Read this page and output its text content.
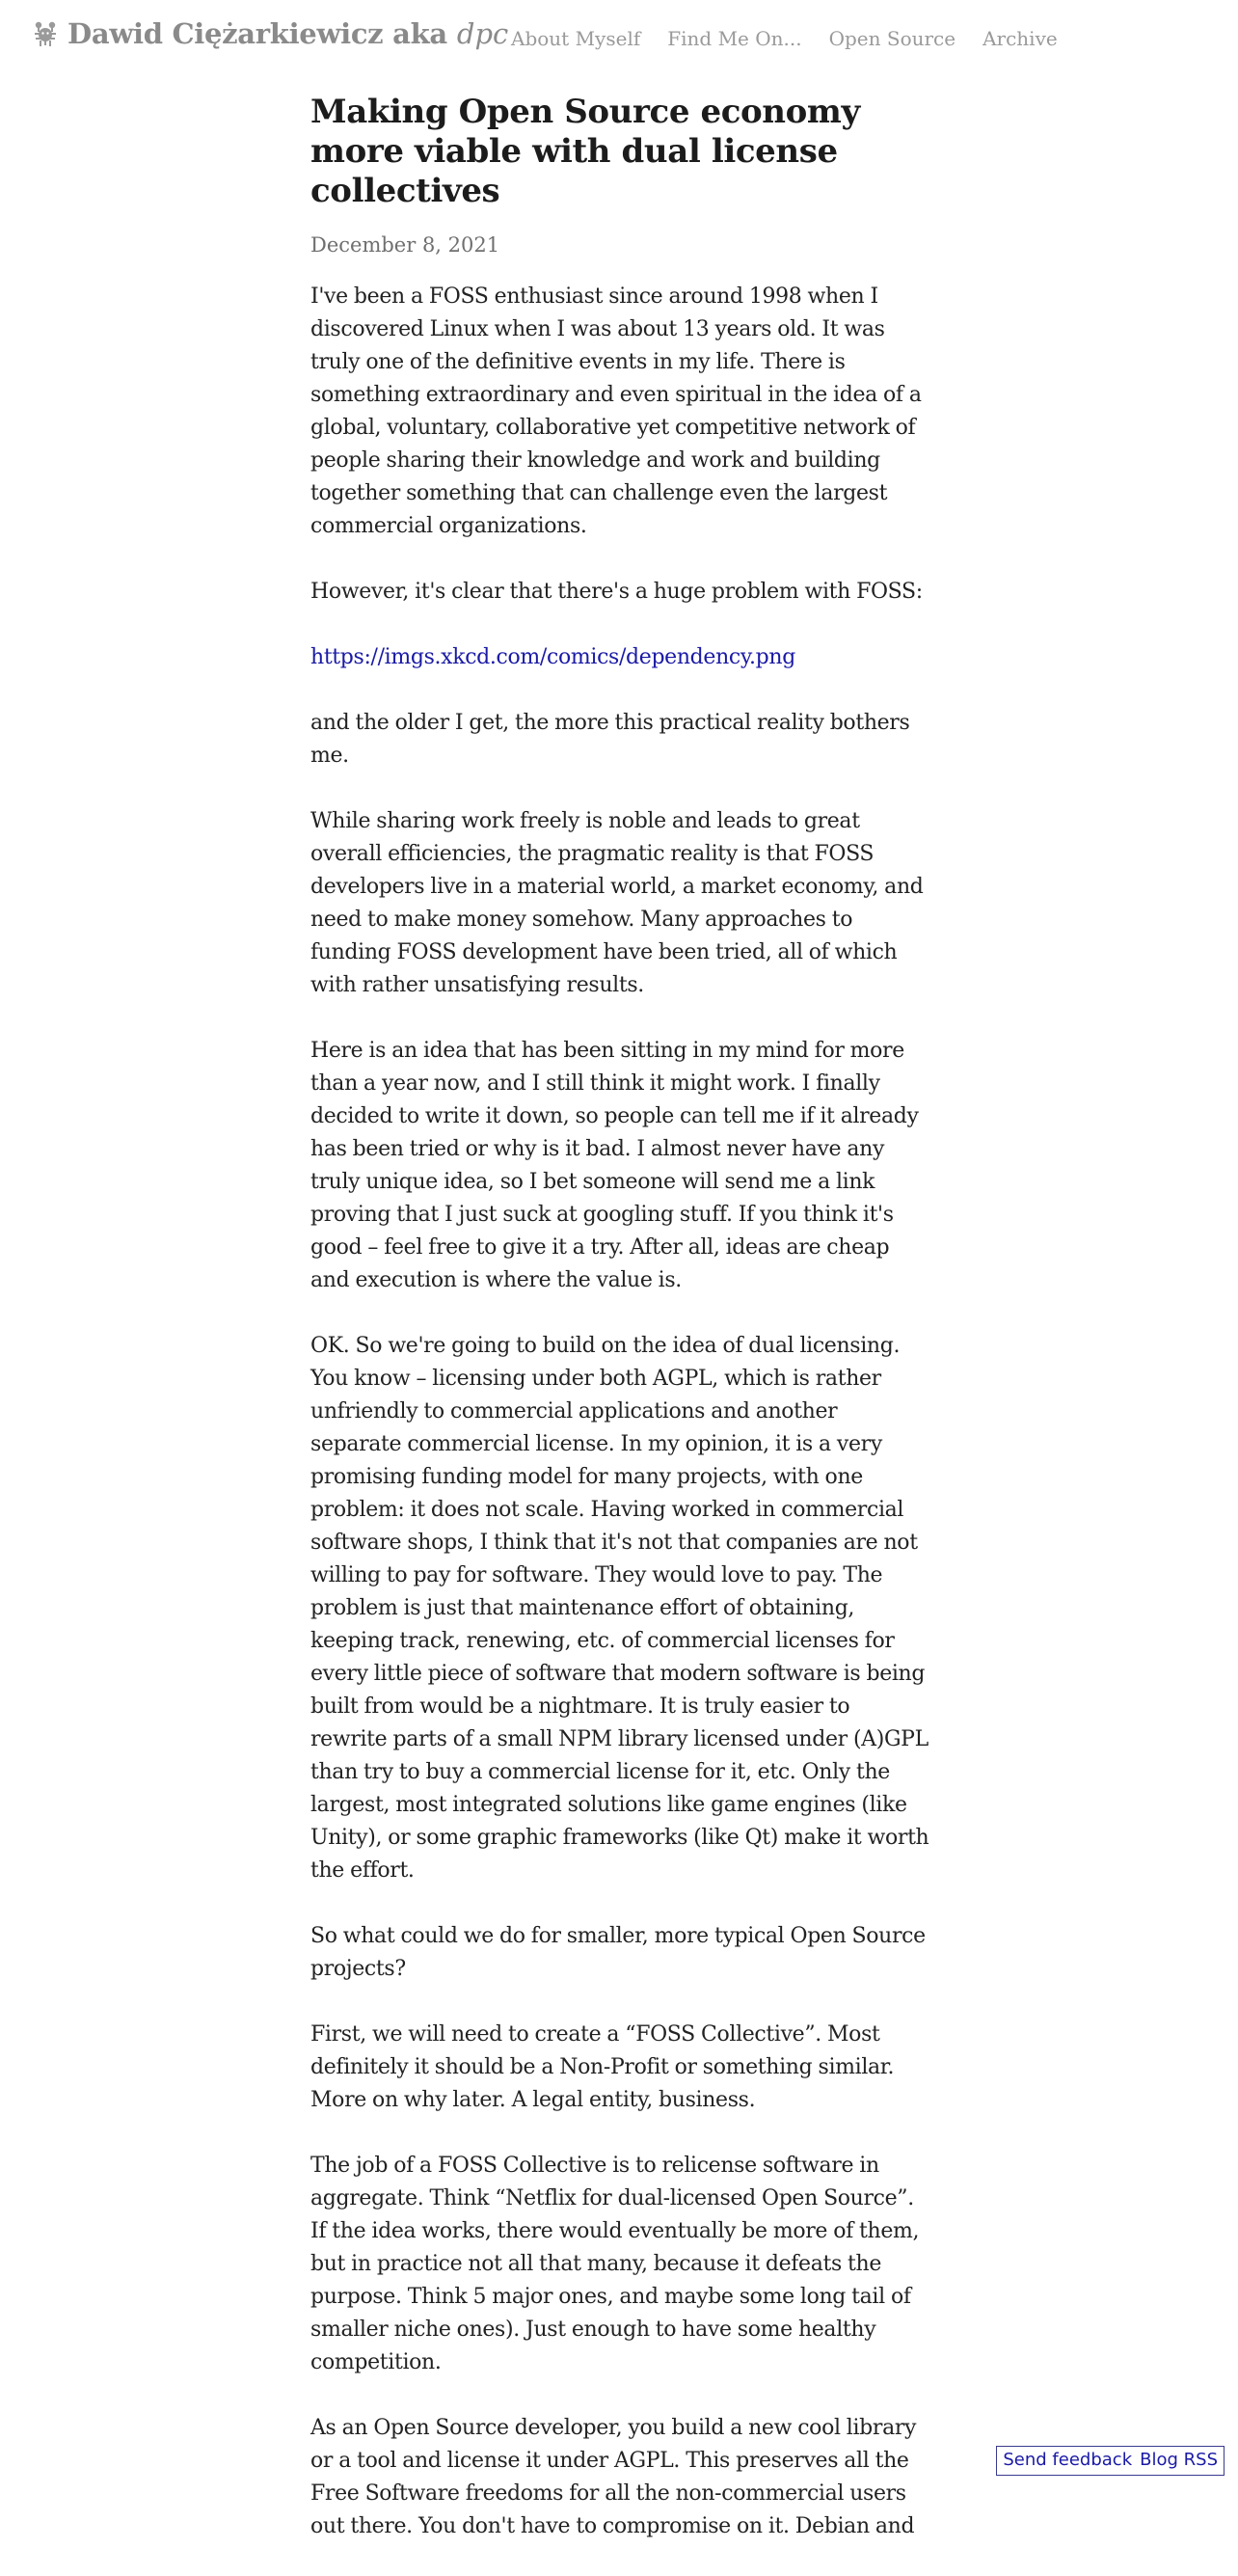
Dawid Ciężarkiewicz aka dpc About Myself Find Me On... Open Source Archive
Making Open Source economy more viable with dual license collectives
December 8, 2021

I've been a FOSS enthusiast since around 1998 when I discovered Linux when I was about 13 years old. It was truly one of the definitive events in my life. There is something extraordinary and even spiritual in the idea of a global, voluntary, collaborative yet competitive network of people sharing their knowledge and work and building together something that can challenge even the largest commercial organizations.

However, it's clear that there's a huge problem with FOSS:

https://imgs.xkcd.com/comics/dependency.png

and the older I get, the more this practical reality bothers me.

While sharing work freely is noble and leads to great overall efficiencies, the pragmatic reality is that FOSS developers live in a material world, a market economy, and need to make money somehow. Many approaches to funding FOSS development have been tried, all of which with rather unsatisfying results.

Here is an idea that has been sitting in my mind for more than a year now, and I still think it might work. I finally decided to write it down, so people can tell me if it already has been tried or why is it bad. I almost never have any truly unique idea, so I bet someone will send me a link proving that I just suck at googling stuff. If you think it's good – feel free to give it a try. After all, ideas are cheap and execution is where the value is.

OK. So we're going to build on the idea of dual licensing. You know – licensing under both AGPL, which is rather unfriendly to commercial applications and another separate commercial license. In my opinion, it is a very promising funding model for many projects, with one problem: it does not scale. Having worked in commercial software shops, I think that it's not that companies are not willing to pay for software. They would love to pay. The problem is just that maintenance effort of obtaining, keeping track, renewing, etc. of commercial licenses for every little piece of software that modern software is being built from would be a nightmare. It is truly easier to rewrite parts of a small NPM library licensed under (A)GPL than try to buy a commercial license for it, etc. Only the largest, most integrated solutions like game engines (like Unity), or some graphic frameworks (like Qt) make it worth the effort.

So what could we do for smaller, more typical Open Source projects?

First, we will need to create a “FOSS Collective”. Most definitely it should be a Non-Profit or something similar. More on why later. A legal entity, business.

The job of a FOSS Collective is to relicense software in aggregate. Think “Netflix for dual-licensed Open Source”. If the idea works, there would eventually be more of them, but in practice not all that many, because it defeats the purpose. Think 5 major ones, and maybe some long tail of smaller niche ones). Just enough to have some healthy competition.

As an Open Source developer, you build a new cool library or a tool and license it under AGPL. This preserves all the Free Software freedoms for all the non-commercial users out there. You don't have to compromise on it. Debian and

Send feedback Blog RSS
